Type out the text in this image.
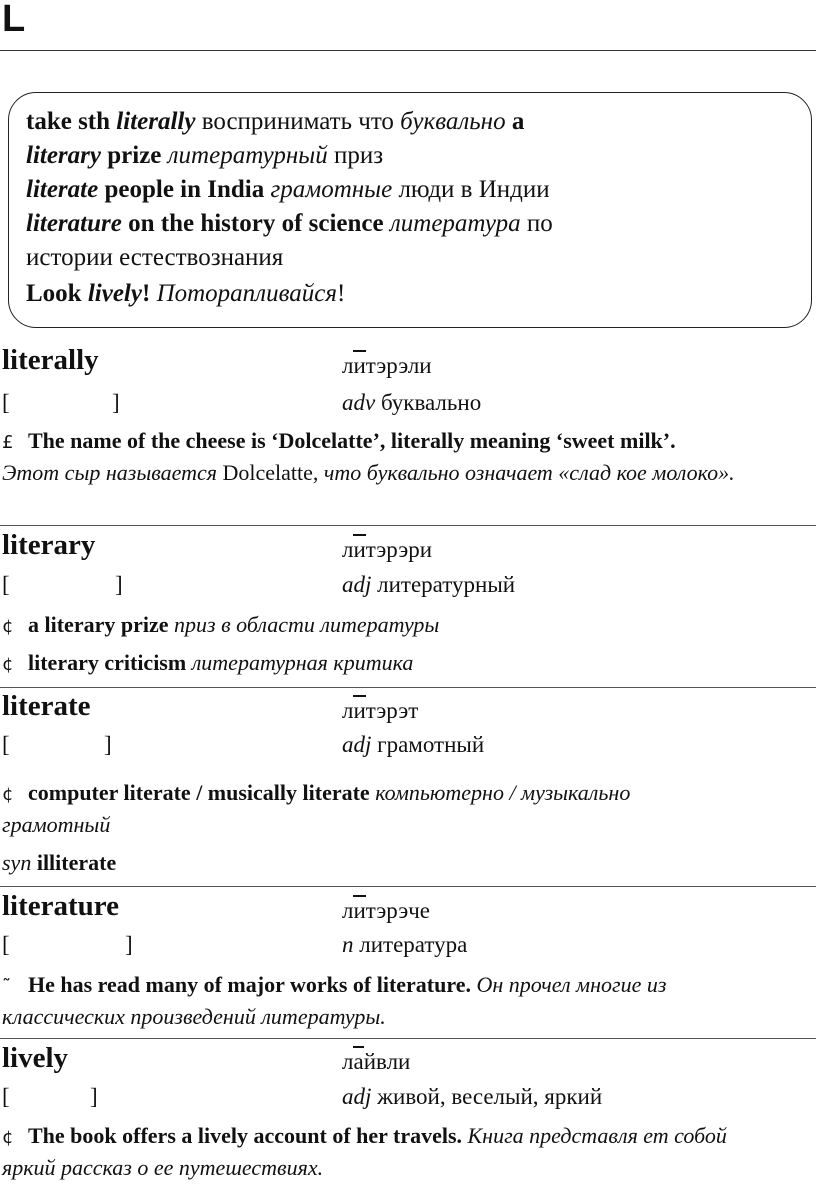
L
take sth literally воспринимать что буквально a
literary prize литературный приз
literate people in India грамотные люди в Индии
literature on the history of science литература по
истории естествознания
Look lively! Поторапливайся!
literally	литэрэли
[	]	adv буквально
£ The name of the cheese is ‘Dolcelatte’, literally meaning ‘sweet milk’.
Этот сыр называется Dolcelatte, что буквально означает «слад кое молоко».
literary	литэрэри
[	]	adj литературный
¢ a literary prize приз в области литературы
¢ literary criticism литературная критика
literate	литэрэт
[	]	adj грамотный
¢ computer literate / musically literate компьютерно / музыкально грамотный
syn illiterate
literature	литэрэче
[	]	n литература
˜ He has read many of major works of literature. Он прочел многие из классических произведений литературы.
lively	лайвли
[	]	adj живой, веселый, яркий
¢ The book offers a lively account of her travels. Книга представля ет собой яркий рассказ о ее путешествиях.
